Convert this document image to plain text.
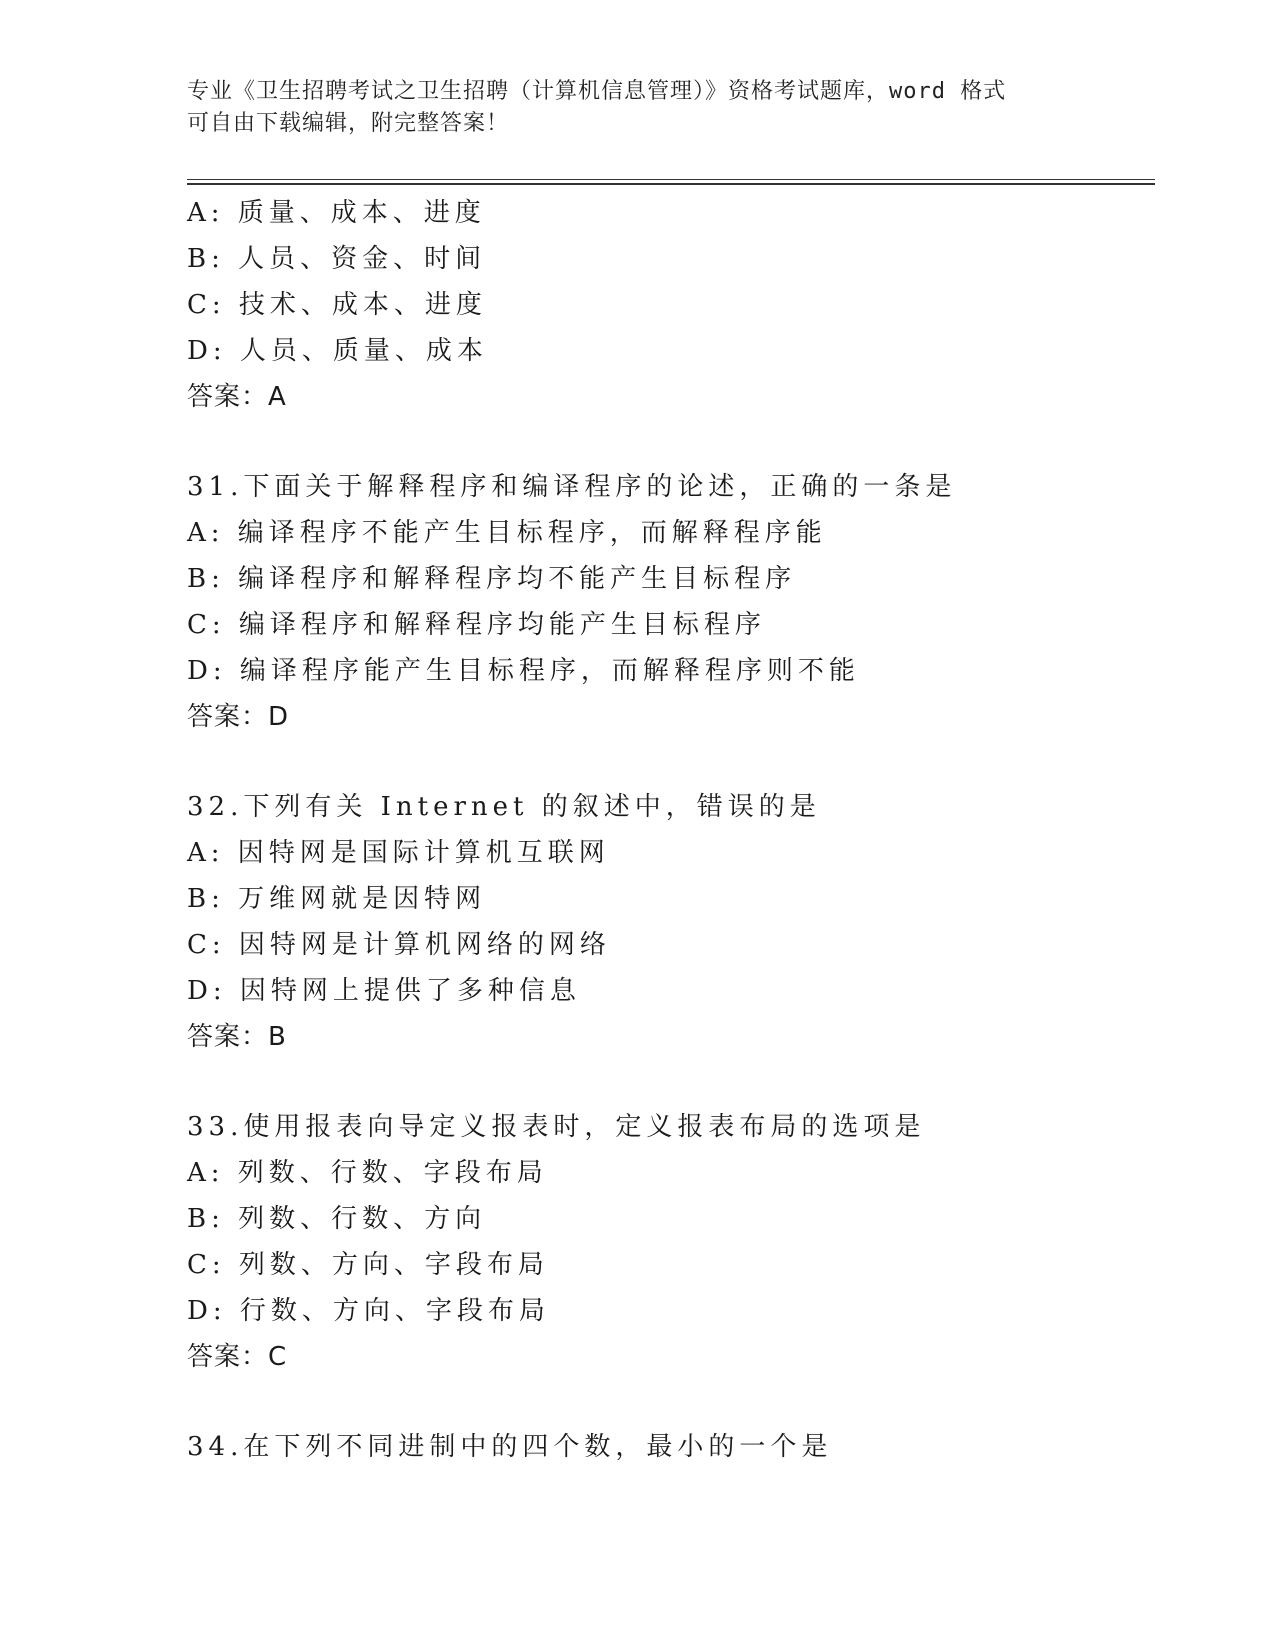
专业《卫生招聘考试之卫生招聘（计算机信息管理）》资格考试题库，word 格式
可自由下载编辑，附完整答案！
A: 质量、成本、进度
B: 人员、资金、时间
C: 技术、成本、进度
D: 人员、质量、成本
答案：A
31.下面关于解释程序和编译程序的论述，正确的一条是
A: 编译程序不能产生目标程序，而解释程序能
B: 编译程序和解释程序均不能产生目标程序
C: 编译程序和解释程序均能产生目标程序
D: 编译程序能产生目标程序，而解释程序则不能
答案：D
32.下列有关 Internet 的叙述中，错误的是
A: 因特网是国际计算机互联网
B: 万维网就是因特网
C: 因特网是计算机网络的网络
D: 因特网上提供了多种信息
答案：B
33.使用报表向导定义报表时，定义报表布局的选项是
A: 列数、行数、字段布局
B: 列数、行数、方向
C: 列数、方向、字段布局
D: 行数、方向、字段布局
答案：C
34.在下列不同进制中的四个数，最小的一个是
